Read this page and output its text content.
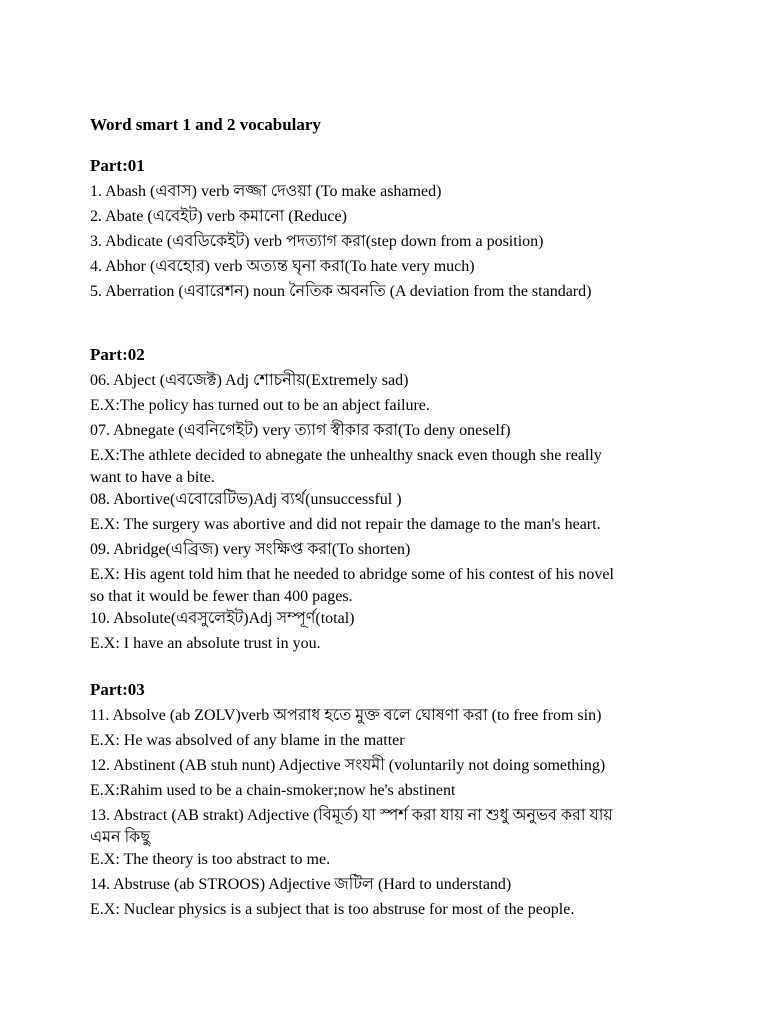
Word smart 1 and 2 vocabulary
Part:01
1. Abash (এবাস) verb লজ্জা দেওয়া (To make ashamed)
2. Abate (এবেইট) verb কমানো (Reduce)
3. Abdicate (এবডিকেইট) verb পদত্যাগ করা(step down from a position)
4. Abhor (এবহোর) verb অত্যন্ত ঘৃনা করা(To hate very much)
5. Aberration (এবারেশন) noun নৈতিক অবনতি (A deviation from the standard)
Part:02
06. Abject (এবজেক্ট) Adj শোচনীয়(Extremely sad)
E.X:The policy has turned out to be an abject failure.
07. Abnegate (এবনিগেইট) very ত্যাগ স্বীকার করা(To deny oneself)
E.X:The athlete decided to abnegate the unhealthy snack even though she really
want to have a bite.
08. Abortive(এবোরেটিভ)Adj ব্যর্থ(unsuccessful )
E.X: The surgery was abortive and did not repair the damage to the man's heart.
09. Abridge(এব্রিজ) very সংক্ষিপ্ত করা(To shorten)
E.X: His agent told him that he needed to abridge some of his contest of his novel
so that it would be fewer than 400 pages.
10. Absolute(এবসুলেইট)Adj সম্পূর্ণ(total)
E.X: I have an absolute trust in you.
Part:03
11. Absolve (ab ZOLV)verb অপরাধ হতে মুক্ত বলে ঘোষণা করা (to free from sin)
E.X: He was absolved of any blame in the matter
12. Abstinent (AB stuh nunt) Adjective সংযমী (voluntarily not doing something)
E.X:Rahim used to be a chain-smoker;now he's abstinent
13. Abstract (AB strakt) Adjective (বিমূর্ত) যা স্পর্শ করা যায় না শুধু অনুভব করা যায়
এমন কিছু
E.X: The theory is too abstract to me.
14. Abstruse (ab STROOS) Adjective জটিল (Hard to understand)
E.X: Nuclear physics is a subject that is too abstruse for most of the people.
